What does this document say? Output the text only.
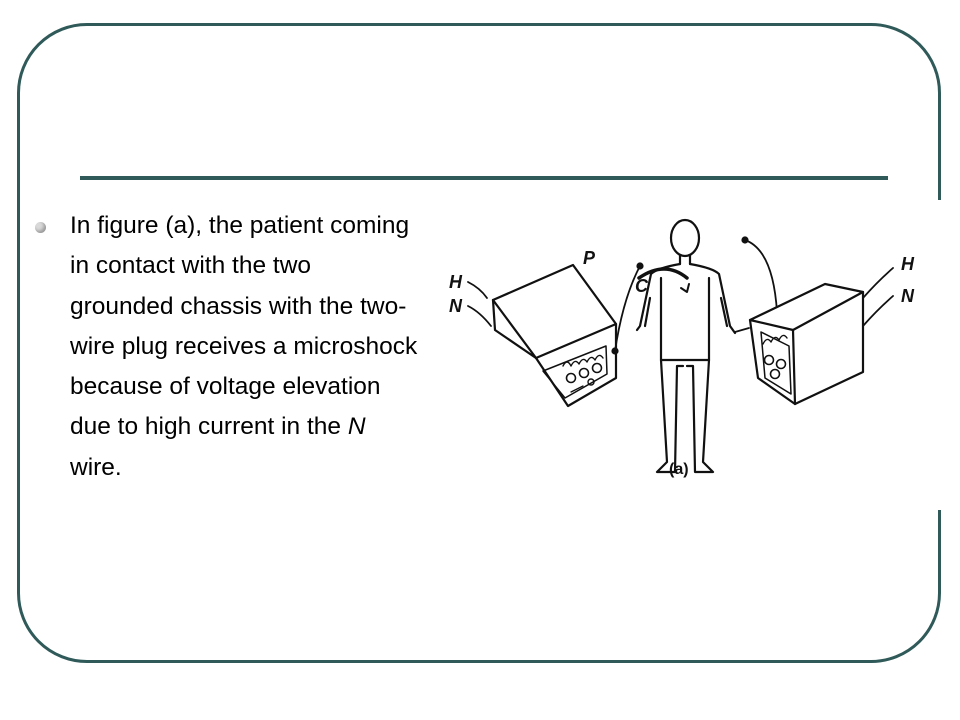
In figure (a), the patient coming in contact with the two grounded chassis with the two-wire plug receives a microshock because of voltage elevation due to high current in the N wire.

H
N
P
C
H
N
(a)
